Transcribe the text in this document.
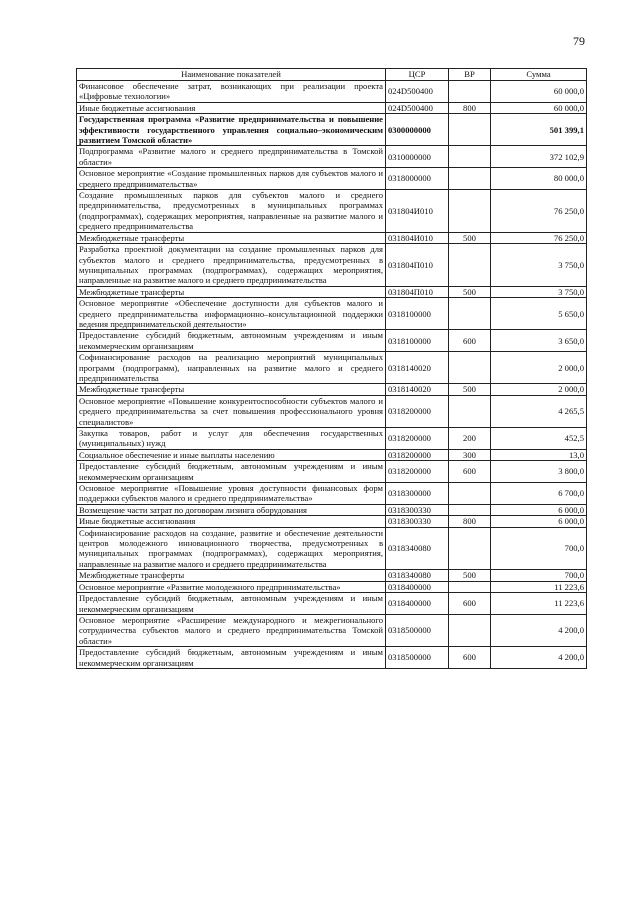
79
Наименование показателей	ЦСР	ВР	Сумма
Финансовое обеспечение затрат, возникающих при реализации проекта «Цифровые технологии»	024D500400		60 000,0
Иные бюджетные ассигнования	024D500400	800	60 000,0
Государственная программа «Развитие предпринимательства и повышение эффективности государственного управления социально–экономическим развитием Томской области»	0300000000		501 399,1
Подпрограмма «Развитие малого и среднего предпринимательства в Томской области»	0310000000		372 102,9
Основное мероприятие «Создание промышленных парков для субъектов малого и среднего предпринимательства»	0318000000		80 000,0
Создание промышленных парков для субъектов малого и среднего предпринимательства, предусмотренных в муниципальных программах (подпрограммах), содержащих мероприятия, направленные на развитие малого и среднего предпринимательства	031804И010		76 250,0
Межбюджетные трансферты	031804И010	500	76 250,0
Разработка проектной документации на создание промышленных парков для субъектов малого и среднего предпринимательства, предусмотренных в муниципальных программах (подпрограммах), содержащих мероприятия, направленные на развитие малого и среднего предпринимательства	031804П010		3 750,0
Межбюджетные трансферты	031804П010	500	3 750,0
Основное мероприятие «Обеспечение доступности для субъектов малого и среднего предпринимательства информационно–консультационной поддержки ведения предпринимательской деятельности»	0318100000		5 650,0
Предоставление субсидий бюджетным, автономным учреждениям и иным некоммерческим организациям	0318100000	600	3 650,0
Софинансирование расходов на реализацию мероприятий муниципальных программ (подпрограмм), направленных на развитие малого и среднего предпринимательства	0318140020		2 000,0
Межбюджетные трансферты	0318140020	500	2 000,0
Основное мероприятие «Повышение конкурентоспособности субъектов малого и среднего предпринимательства за счет повышения профессионального уровня специалистов»	0318200000		4 265,5
Закупка товаров, работ и услуг для обеспечения государственных (муниципальных) нужд	0318200000	200	452,5
Социальное обеспечение и иные выплаты населению	0318200000	300	13,0
Предоставление субсидий бюджетным, автономным учреждениям и иным некоммерческим организациям	0318200000	600	3 800,0
Основное мероприятие «Повышение уровня доступности финансовых форм поддержки субъектов малого и среднего предпринимательства»	0318300000		6 700,0
Возмещение части затрат по договорам лизинга оборудования	0318300330		6 000,0
Иные бюджетные ассигнования	0318300330	800	6 000,0
Софинансирование расходов на создание, развитие и обеспечение деятельности центров молодежного инновационного творчества, предусмотренных в муниципальных программах (подпрограммах), содержащих мероприятия, направленные на развитие малого и среднего предпринимательства	0318340080		700,0
Межбюджетные трансферты	0318340080	500	700,0
Основное мероприятие «Развитие молодежного предпринимательства»	0318400000		11 223,6
Предоставление субсидий бюджетным, автономным учреждениям и иным некоммерческим организациям	0318400000	600	11 223,6
Основное мероприятие «Расширение международного и межрегионального сотрудничества субъектов малого и среднего предпринимательства Томской области»	0318500000		4 200,0
Предоставление субсидий бюджетным, автономным учреждениям и иным некоммерческим организациям	0318500000	600	4 200,0
